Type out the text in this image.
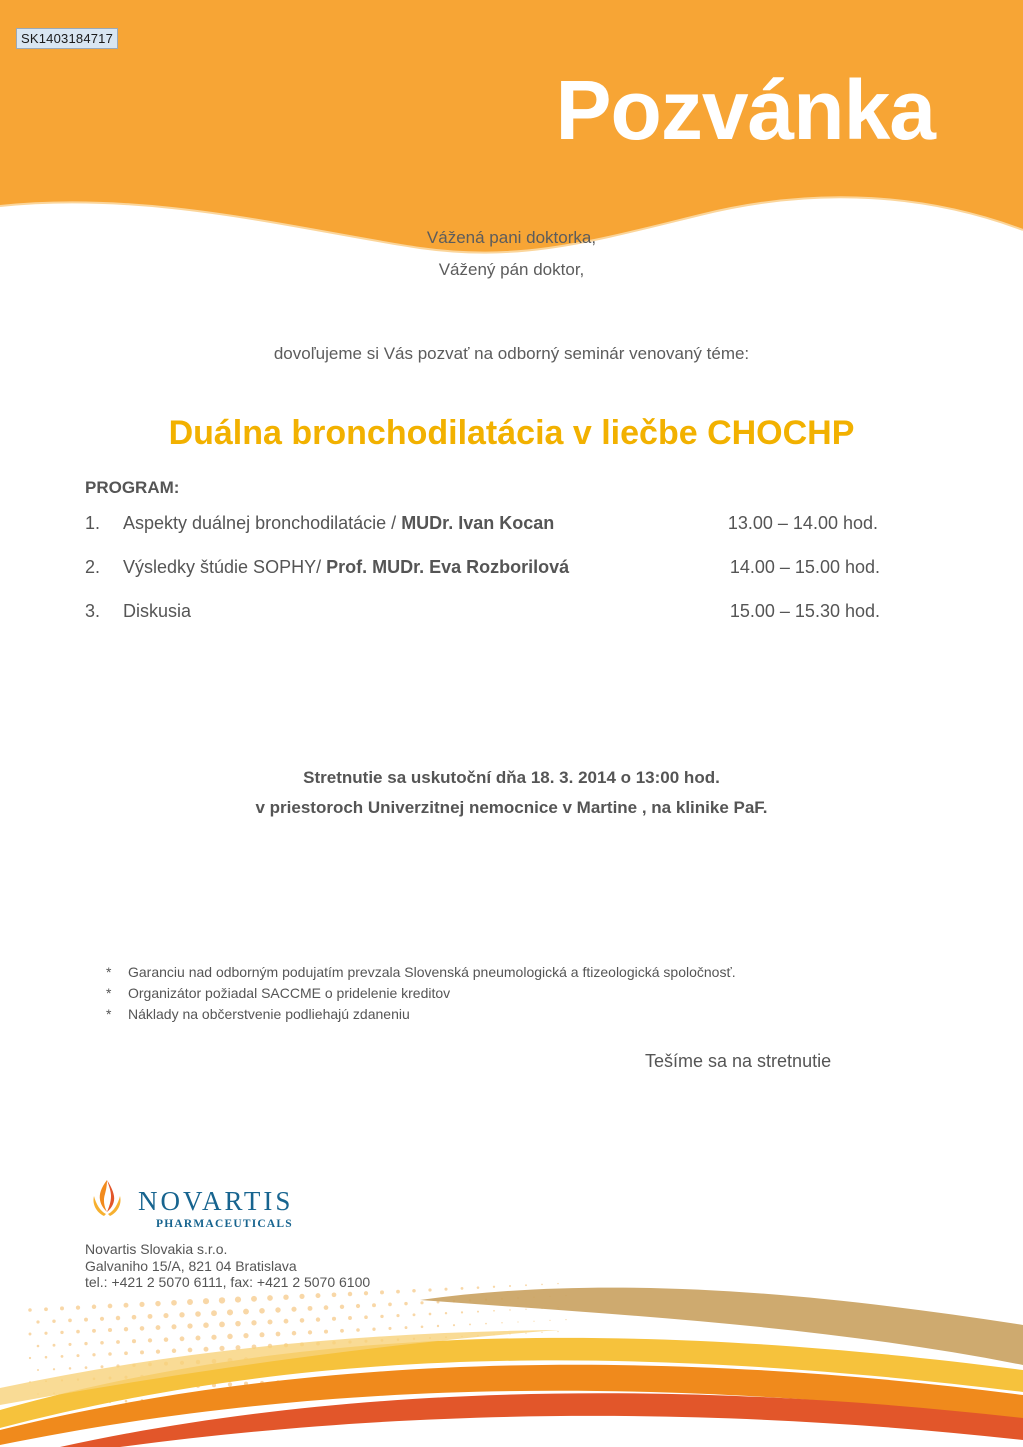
SK1403184717
Pozvánka
Vážená pani doktorka,
Vážený pán doktor,
dovoľujeme si Vás pozvať na odborný seminár venovaný téme:
Duálna bronchodilatácia v liečbe CHOCHP
PROGRAM:
1. Aspekty duálnej bronchodilatácie / MUDr. Ivan Kocan	13.00 – 14.00 hod.
2. Výsledky štúdie SOPHY/ Prof. MUDr. Eva Rozborilová	14.00 – 15.00 hod.
3. Diskusia	15.00 – 15.30 hod.
Stretnutie sa uskutoční dňa 18. 3. 2014 o 13:00 hod.
v priestoroch Univerzitnej nemocnice v Martine , na klinike PaF.
* Garanciu nad odborným podujatím prevzala Slovenská pneumologická a ftizeologická spoločnosť.
* Organizátor požiadal SACCME o pridelenie kreditov
* Náklady na občerstvenie podliehajú zdaneniu
Tešíme sa na stretnutie
NOVARTIS
PHARMACEUTICALS
Novartis Slovakia s.r.o.
Galvaniho 15/A, 821 04 Bratislava
tel.: +421 2 5070 6111, fax: +421 2 5070 6100
